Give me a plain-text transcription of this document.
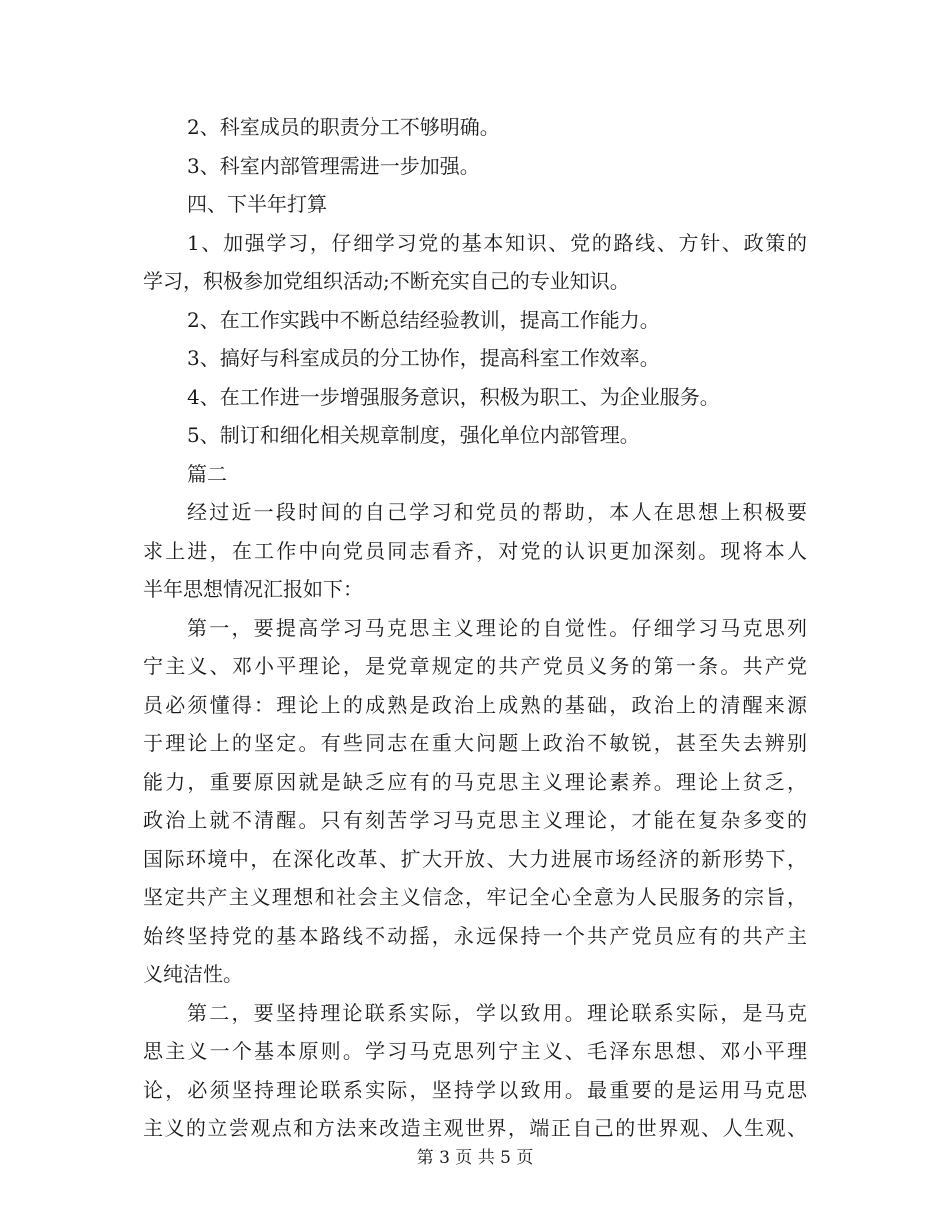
2、科室成员的职责分工不够明确。
3、科室内部管理需进一步加强。
四、下半年打算
1、加强学习，仔细学习党的基本知识、党的路线、方针、政策的
学习，积极参加党组织活动;不断充实自己的专业知识。
2、在工作实践中不断总结经验教训，提高工作能力。
3、搞好与科室成员的分工协作，提高科室工作效率。
4、在工作进一步增强服务意识，积极为职工、为企业服务。
5、制订和细化相关规章制度，强化单位内部管理。
篇二
经过近一段时间的自己学习和党员的帮助，本人在思想上积极要
求上进，在工作中向党员同志看齐，对党的认识更加深刻。现将本人
半年思想情况汇报如下：
第一，要提高学习马克思主义理论的自觉性。仔细学习马克思列
宁主义、邓小平理论，是党章规定的共产党员义务的第一条。共产党
员必须懂得：理论上的成熟是政治上成熟的基础，政治上的清醒来源
于理论上的坚定。有些同志在重大问题上政治不敏锐，甚至失去辨别
能力，重要原因就是缺乏应有的马克思主义理论素养。理论上贫乏，
政治上就不清醒。只有刻苦学习马克思主义理论，才能在复杂多变的
国际环境中，在深化改革、扩大开放、大力进展市场经济的新形势下，
坚定共产主义理想和社会主义信念，牢记全心全意为人民服务的宗旨，
始终坚持党的基本路线不动摇，永远保持一个共产党员应有的共产主
义纯洁性。
第二，要坚持理论联系实际，学以致用。理论联系实际，是马克
思主义一个基本原则。学习马克思列宁主义、毛泽东思想、邓小平理
论，必须坚持理论联系实际，坚持学以致用。最重要的是运用马克思
主义的立尝观点和方法来改造主观世界，端正自己的世界观、人生观、
第 3 页 共 5 页
